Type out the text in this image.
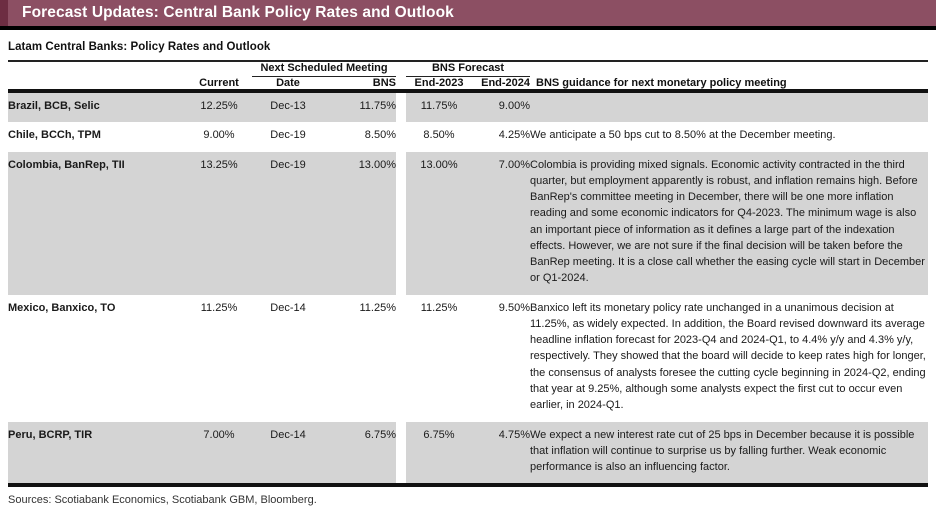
Forecast Updates: Central Bank Policy Rates and Outlook
Latam Central Banks: Policy Rates and Outlook
		Next Scheduled Meeting			BNS Forecast		
	Current	Date	BNS		End-2023	End-2024	BNS guidance for next monetary policy meeting
Brazil, BCB, Selic	12.25%	Dec-13	11.75%		11.75%	9.00%	
Chile, BCCh, TPM	9.00%	Dec-19	8.50%		8.50%	4.25%	We anticipate a 50 bps cut to 8.50% at the December meeting.
Colombia, BanRep, TII	13.25%	Dec-19	13.00%		13.00%	7.00%	Colombia is providing mixed signals. Economic activity contracted in the third quarter, but employment apparently is robust, and inflation remains high. Before BanRep's committee meeting in December, there will be one more inflation reading and some economic indicators for Q4-2023. The minimum wage is also an important piece of information as it defines a large part of the indexation effects. However, we are not sure if the final decision will be taken before the BanRep meeting. It is a close call whether the easing cycle will start in December or Q1-2024.
Mexico, Banxico, TO	11.25%	Dec-14	11.25%		11.25%	9.50%	Banxico left its monetary policy rate unchanged in a unanimous decision at 11.25%, as widely expected. In addition, the Board revised downward its average headline inflation forecast for 2023-Q4 and 2024-Q1, to 4.4% y/y and 4.3% y/y, respectively. They showed that the board will decide to keep rates high for longer, the consensus of analysts foresee the cutting cycle beginning in 2024-Q2, ending that year at 9.25%, although some analysts expect the first cut to occur even earlier, in 2024-Q1.
Peru, BCRP, TIR	7.00%	Dec-14	6.75%		6.75%	4.75%	We expect a new interest rate cut of 25 bps in December because it is possible that inflation will continue to surprise us by falling further. Weak economic performance is also an influencing factor.
Sources: Scotiabank Economics, Scotiabank GBM, Bloomberg.
